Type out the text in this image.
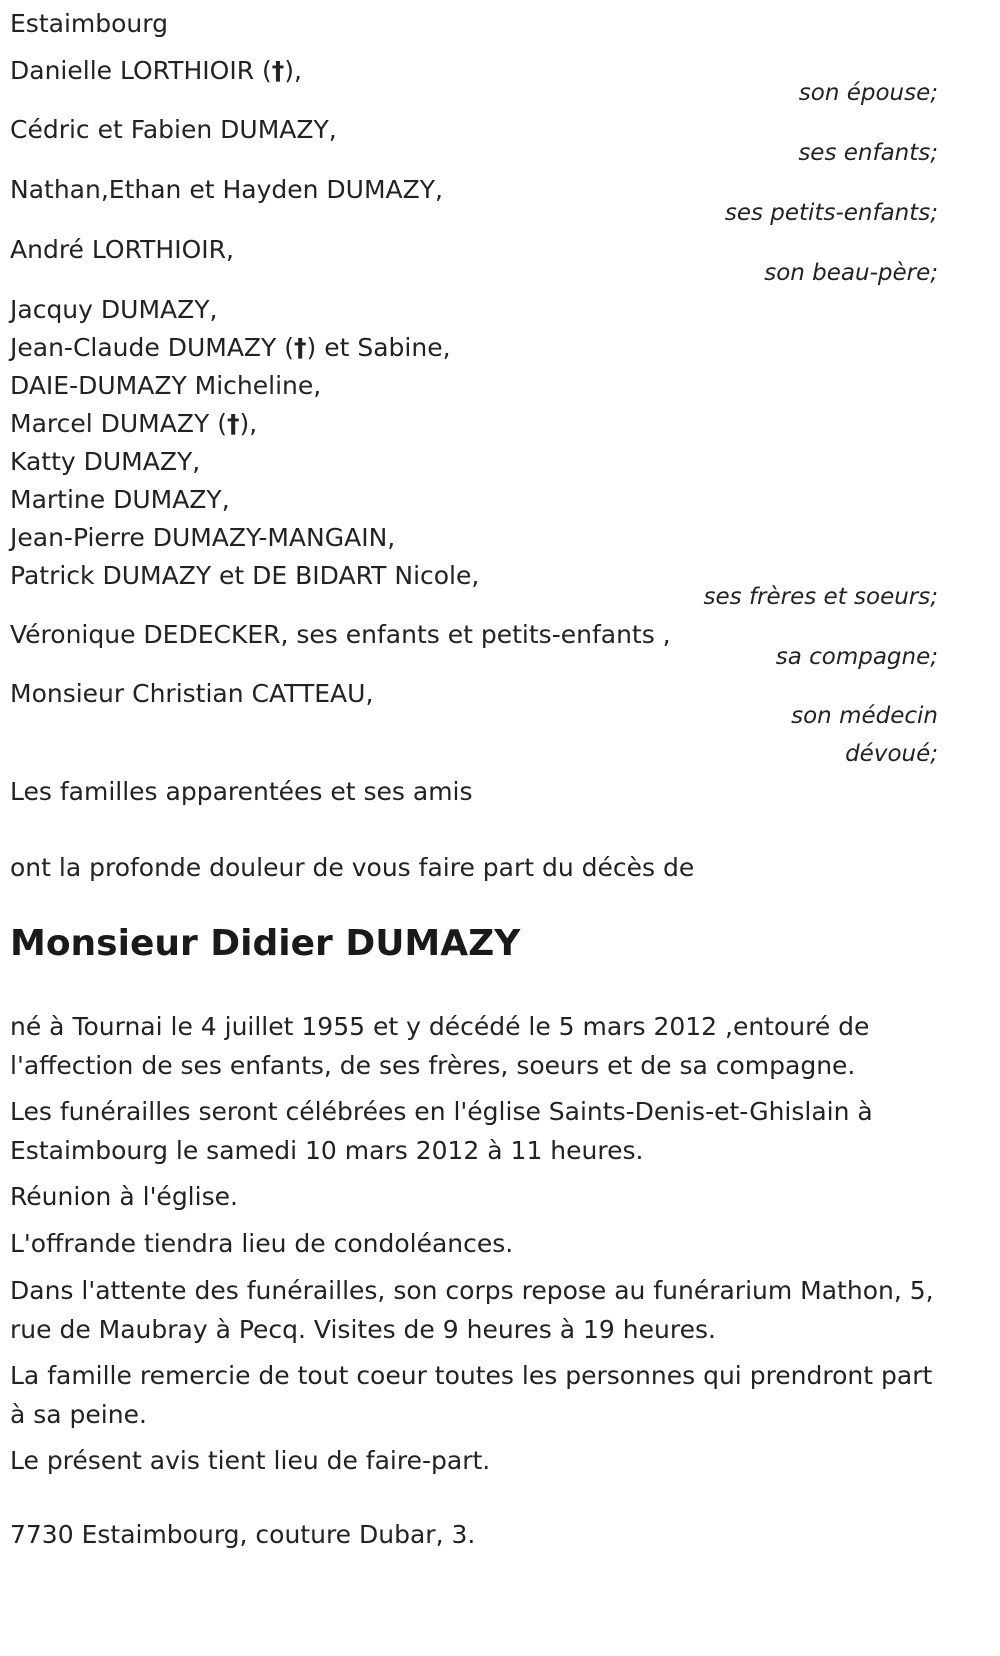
Estaimbourg

Danielle LORTHIOIR (†),

son épouse;

Cédric et Fabien DUMAZY,

ses enfants;

Nathan,Ethan et Hayden DUMAZY,

ses petits-enfants;

André LORTHIOIR,

son beau-père;

Jacquy DUMAZY,

Jean-Claude DUMAZY (†) et Sabine,

DAIE-DUMAZY Micheline,

Marcel DUMAZY (†),

Katty DUMAZY,

Martine DUMAZY,

Jean-Pierre DUMAZY-MANGAIN,

Patrick DUMAZY et DE BIDART Nicole,

ses frères et soeurs;

Véronique DEDECKER, ses enfants et petits-enfants ,

sa compagne;

Monsieur Christian CATTEAU,

son médecin

dévoué;

Les familles apparentées et ses amis

ont la profonde douleur de vous faire part du décès de

Monsieur Didier DUMAZY

né à Tournai le 4 juillet 1955 et y décédé le 5 mars 2012 ,entouré de l'affection de ses enfants, de ses frères, soeurs et de sa compagne.

Les funérailles seront célébrées en l'église Saints-Denis-et-Ghislain à Estaimbourg le samedi 10 mars 2012 à 11 heures.

Réunion à l'église.

L'offrande tiendra lieu de condoléances.

Dans l'attente des funérailles, son corps repose au funérarium Mathon, 5, rue de Maubray à Pecq. Visites de 9 heures à 19 heures.

La famille remercie de tout coeur toutes les personnes qui prendront part à sa peine.

Le présent avis tient lieu de faire-part.

7730 Estaimbourg, couture Dubar, 3.
